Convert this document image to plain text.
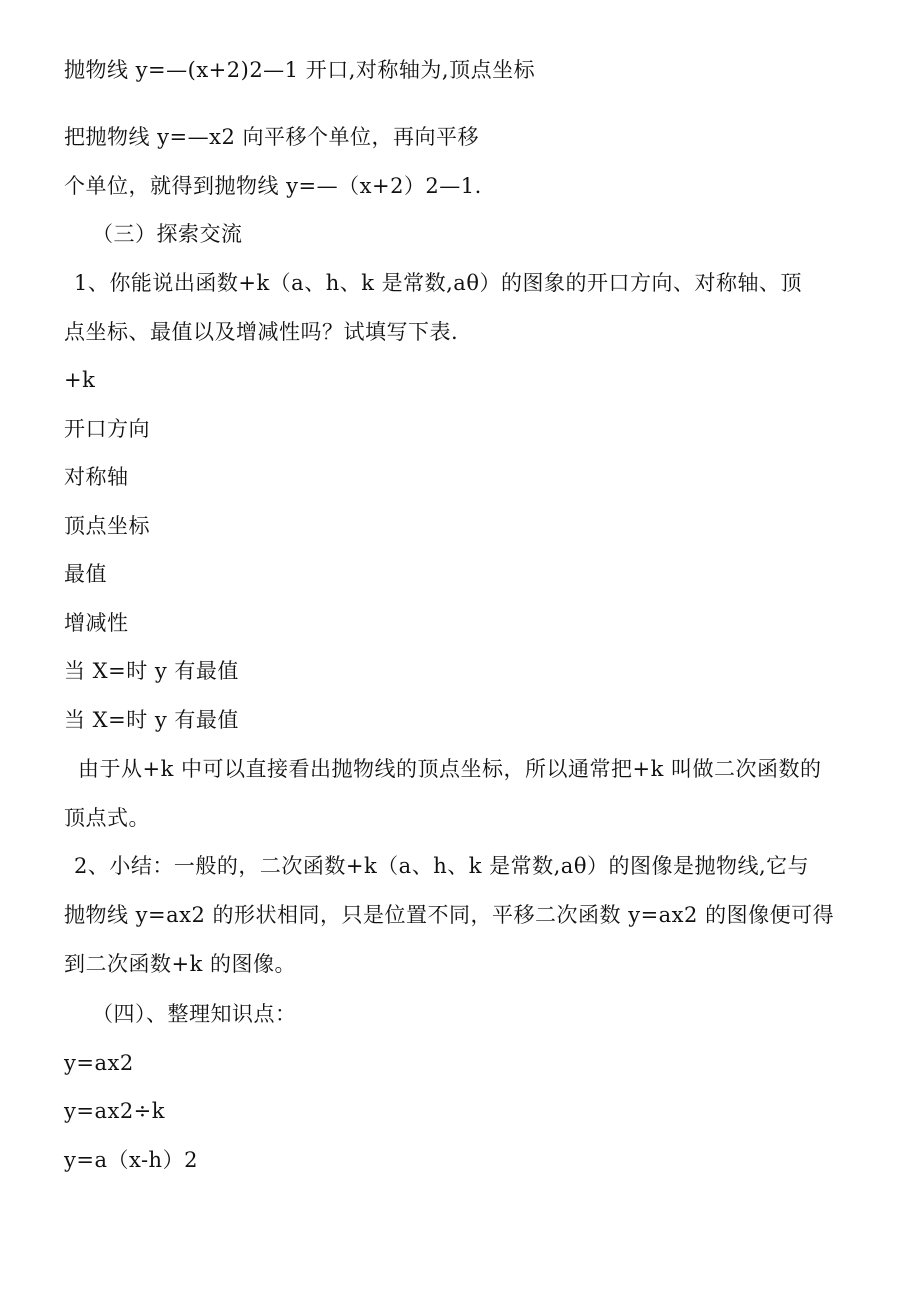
抛物线 y=—(x+2)2—1 开口,对称轴为,顶点坐标

把抛物线 y=—x2 向平移个单位，再向平移

个单位，就得到抛物线 y=—（x+2）2—1.

（三）探索交流

1、你能说出函数+k（a、h、k 是常数,aθ）的图象的开口方向、对称轴、顶

点坐标、最值以及增减性吗？试填写下表.

+k

开口方向

对称轴

顶点坐标

最值

增减性

当 X=时 y 有最值

当 X=时 y 有最值

由于从+k 中可以直接看出抛物线的顶点坐标，所以通常把+k 叫做二次函数的

顶点式。

2、小结：一般的，二次函数+k（a、h、k 是常数,aθ）的图像是抛物线,它与

抛物线 y=ax2 的形状相同，只是位置不同，平移二次函数 y=ax2 的图像便可得

到二次函数+k 的图像。

（四）、整理知识点：

y=ax2

y=ax2÷k

y=a（x-h）2
